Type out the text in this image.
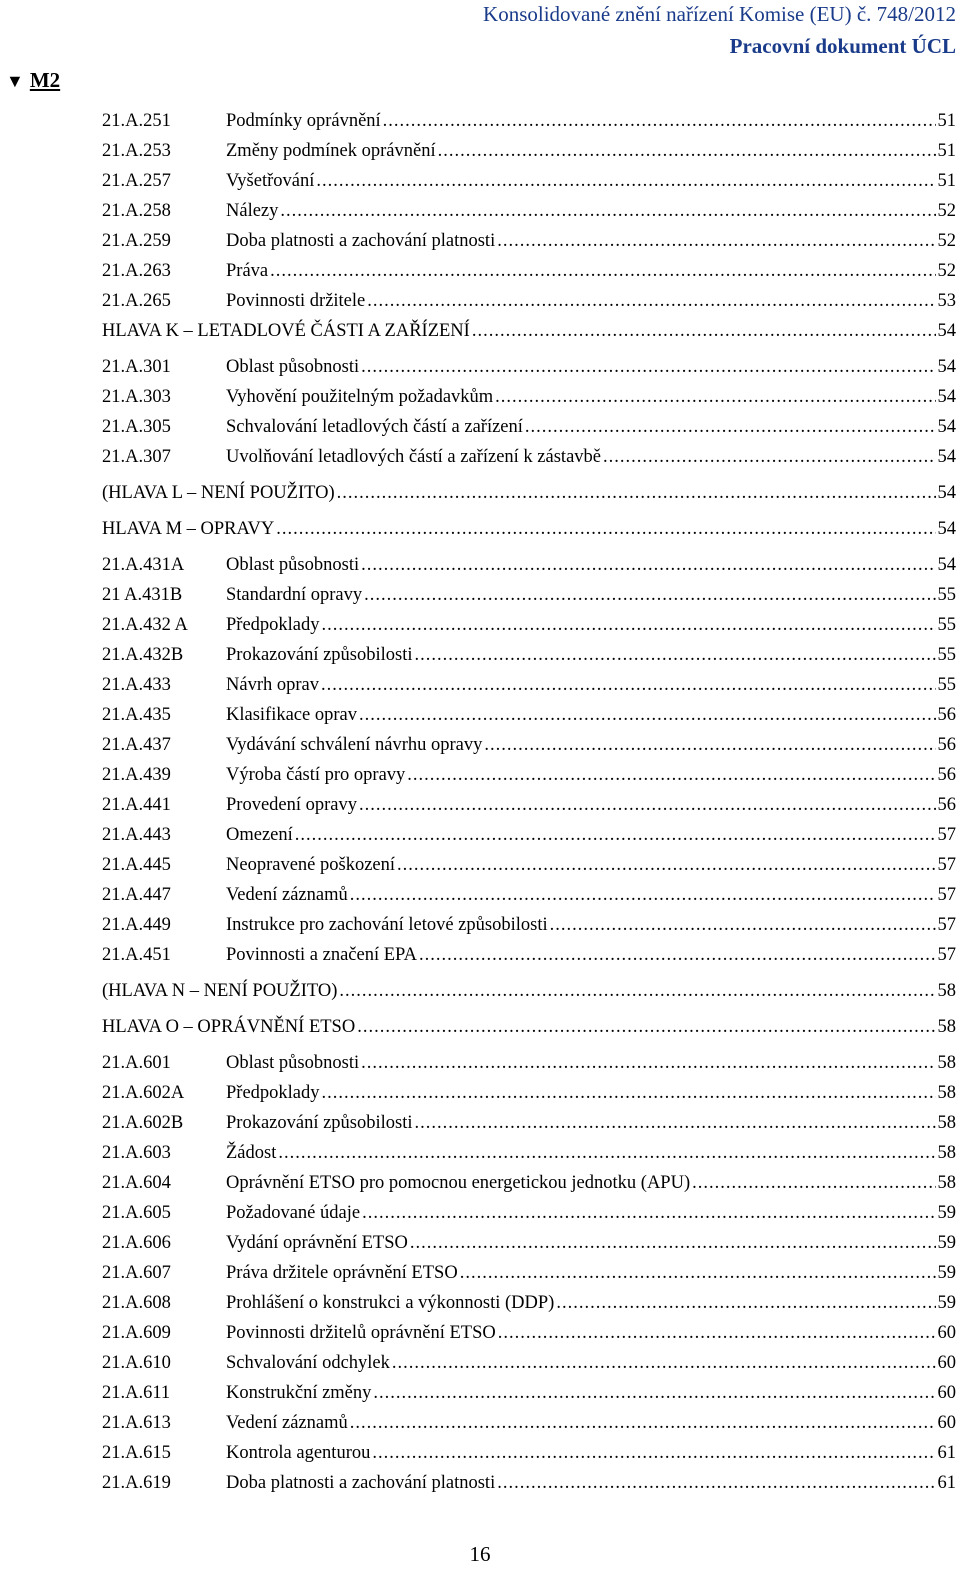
Konsolidované znění nařízení Komise (EU) č. 748/2012
Pracovní dokument ÚCL
▼ M2
21.A.251	Podmínky oprávnění .....	51
21.A.253	Změny podmínek oprávnění .....	51
21.A.257	Vyšetřování .....	51
21.A.258	Nálezy .....	52
21.A.259	Doba platnosti a zachování platnosti .....	52
21.A.263	Práva .....	52
21.A.265	Povinnosti držitele .....	53
HLAVA K – LETADLOVÉ ČÁSTI A ZAŘÍZENÍ .....	54
21.A.301	Oblast působnosti .....	54
21.A.303	Vyhovění použitelným požadavkům .....	54
21.A.305	Schvalování letadlových částí a zařízení .....	54
21.A.307	Uvolňování letadlových částí a zařízení k zástavbě .....	54
(HLAVA L – NENÍ POUŽITO) .....	54
HLAVA M – OPRAVY .....	54
21.A.431A Oblast působnosti .....	54
21 A.431B Standardní opravy .....	55
21.A.432 A Předpoklady .....	55
21.A.432B Prokazování způsobilosti .....	55
21.A.433	Návrh oprav .....	55
21.A.435	Klasifikace oprav .....	56
21.A.437	Vydávání schválení návrhu opravy .....	56
21.A.439	Výroba částí pro opravy .....	56
21.A.441	Provedení opravy .....	56
21.A.443	Omezení .....	57
21.A.445	Neopravené poškození .....	57
21.A.447	Vedení záznamů .....	57
21.A.449	Instrukce pro zachování letové způsobilosti .....	57
21.A.451	Povinnosti a značení EPA .....	57
(HLAVA N – NENÍ POUŽITO) .....	58
HLAVA O – OPRÁVNĚNÍ ETSO .....	58
21.A.601	Oblast působnosti .....	58
21.A.602A Předpoklady .....	58
21.A.602B Prokazování způsobilosti .....	58
21.A.603	Žádost .....	58
21.A.604	Oprávnění ETSO pro pomocnou energetickou jednotku (APU) .....	58
21.A.605	Požadované údaje .....	59
21.A.606	Vydání oprávnění ETSO .....	59
21.A.607	Práva držitele oprávnění ETSO .....	59
21.A.608	Prohlášení o konstrukci a výkonnosti (DDP) .....	59
21.A.609	Povinnosti držitelů oprávnění ETSO .....	60
21.A.610	Schvalování odchylek .....	60
21.A.611	Konstrukční změny .....	60
21.A.613	Vedení záznamů .....	60
21.A.615	Kontrola agenturou .....	61
21.A.619	Doba platnosti a zachování platnosti .....	61
16
